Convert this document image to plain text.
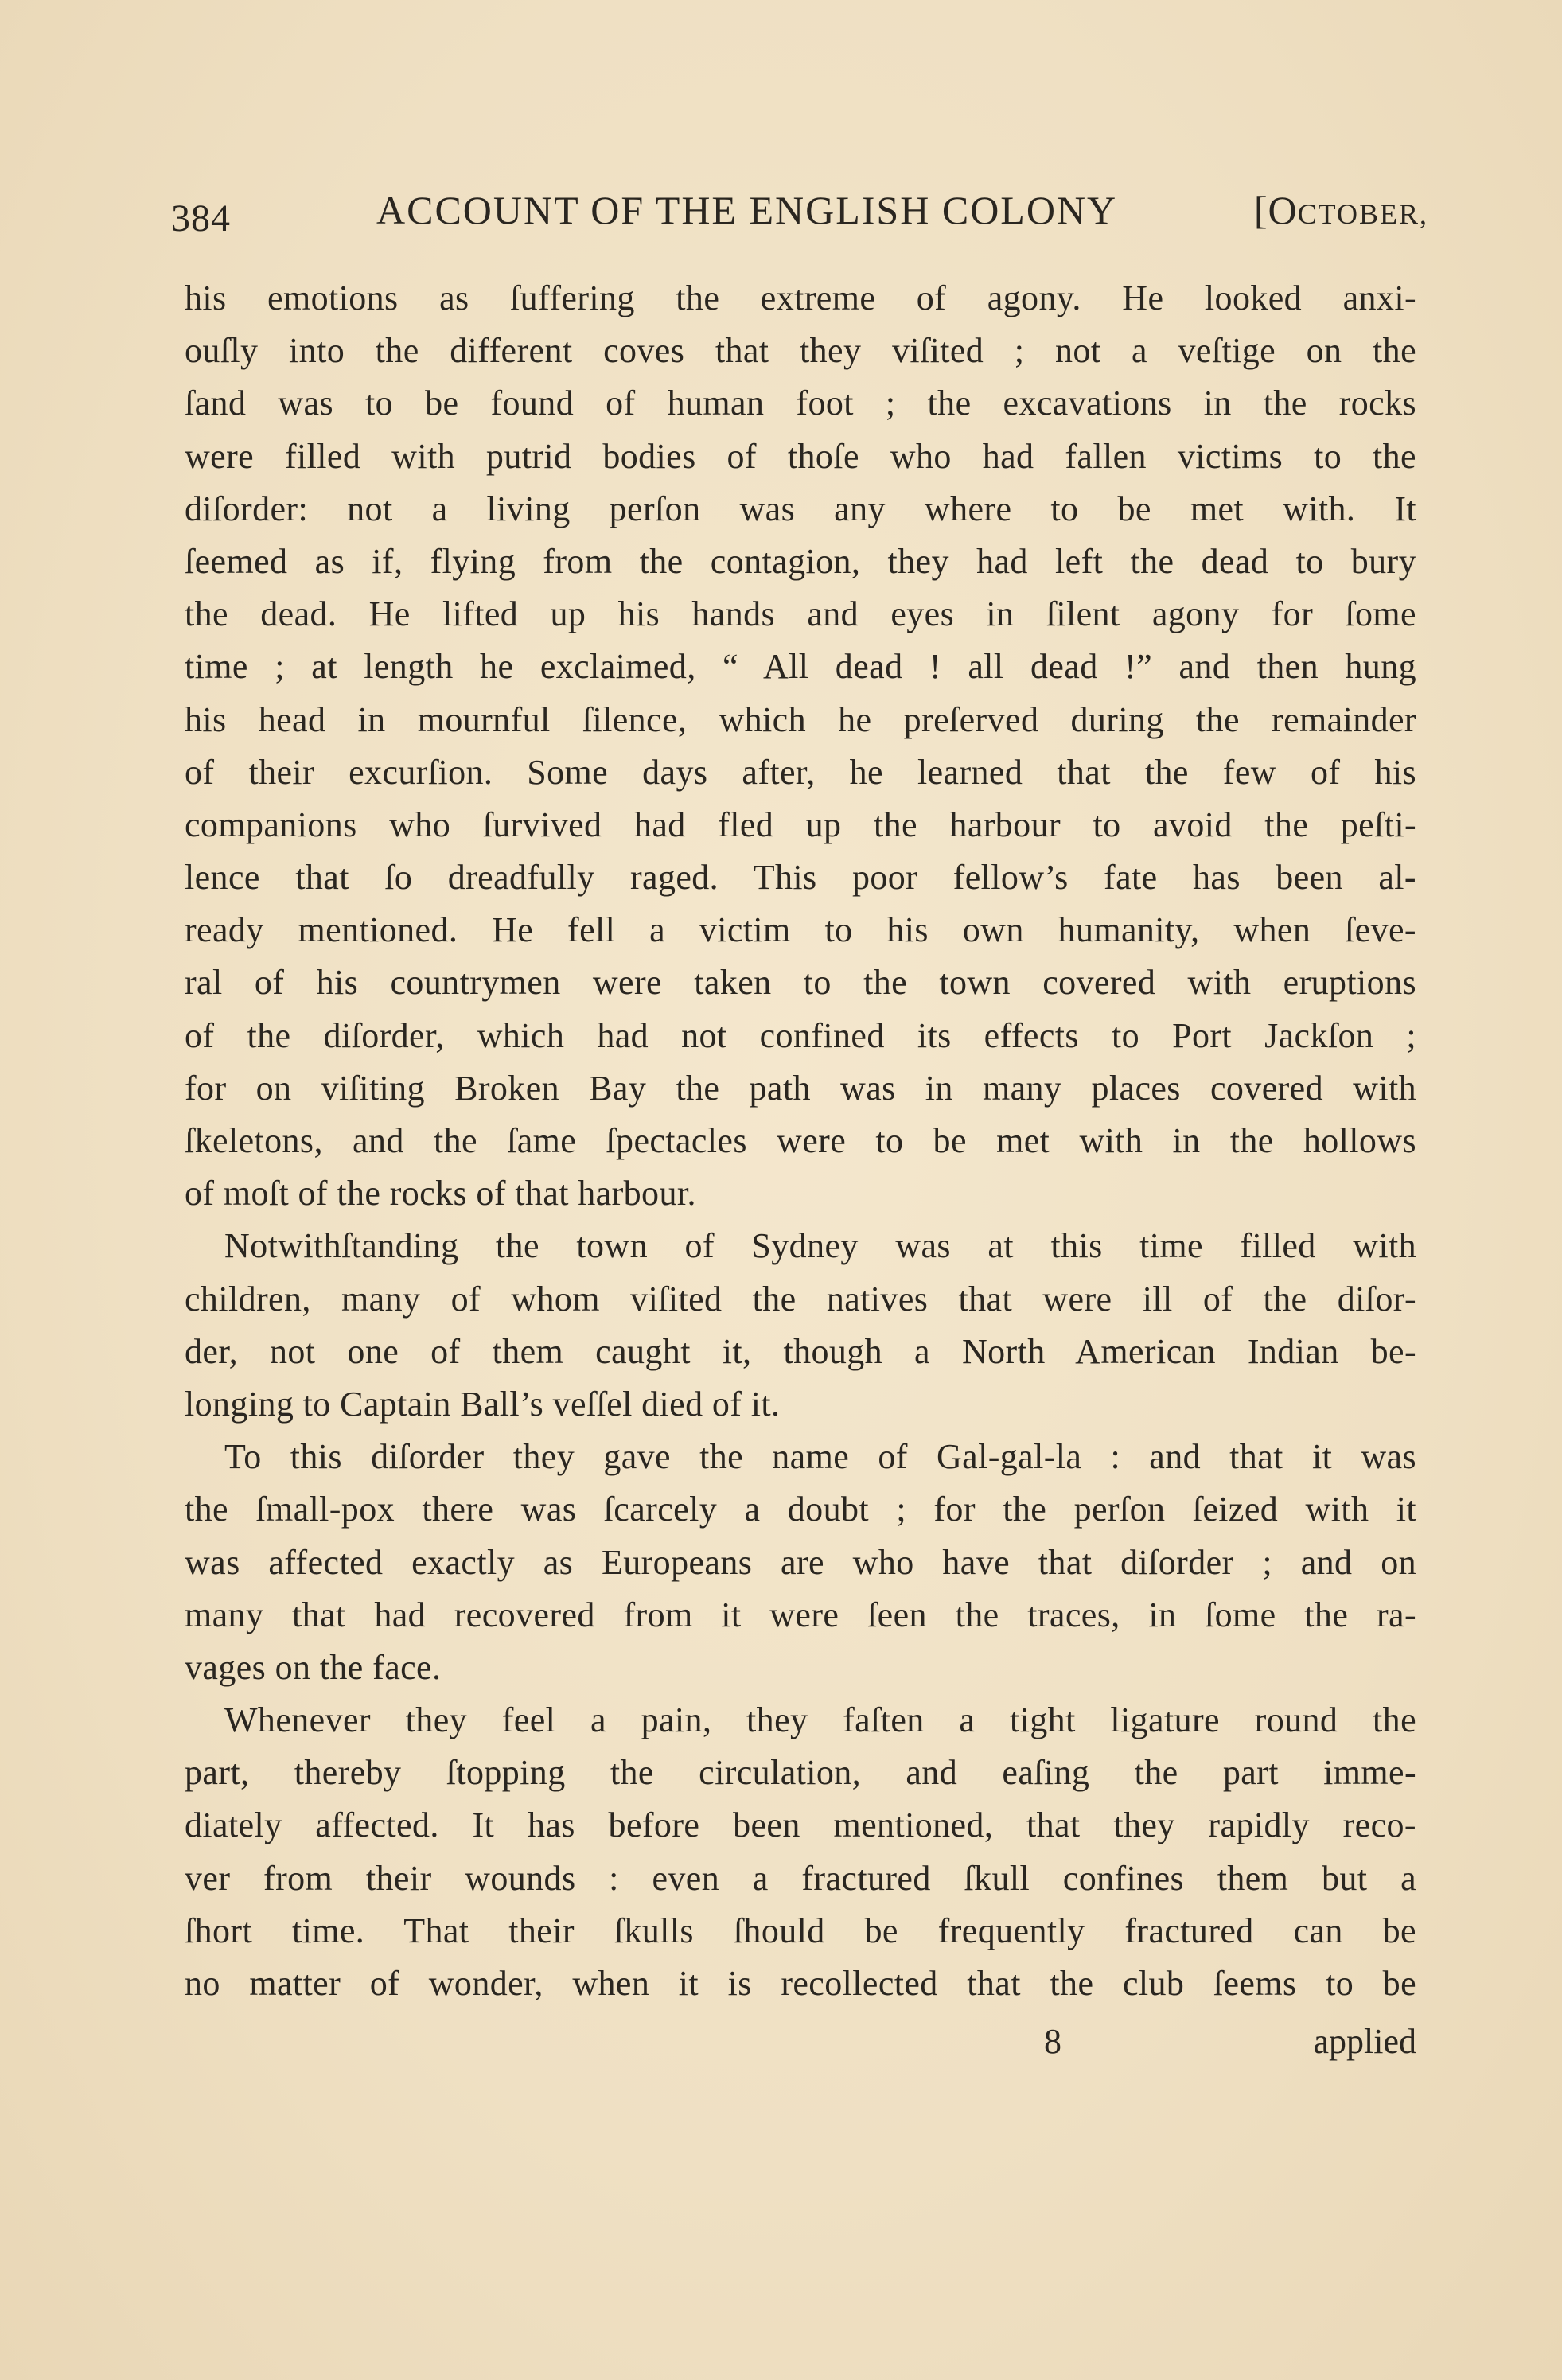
384	ACCOUNT OF THE ENGLISH COLONY	[OCTOBER,
his emotions as ſuffering the extreme of agony. He looked anxi-
ouſly into the different coves that they viſited ; not a veſtige on the
ſand was to be found of human foot ; the excavations in the rocks
were filled with putrid bodies of thoſe who had fallen victims to the
diſorder: not a living perſon was any where to be met with. It
ſeemed as if, flying from the contagion, they had left the dead to bury
the dead. He lifted up his hands and eyes in ſilent agony for ſome
time ; at length he exclaimed, “ All dead ! all dead !” and then hung
his head in mournful ſilence, which he preſerved during the remainder
of their excurſion. Some days after, he learned that the few of his
companions who ſurvived had fled up the harbour to avoid the peſti-
lence that ſo dreadfully raged. This poor fellow’s fate has been al-
ready mentioned. He fell a victim to his own humanity, when ſeve-
ral of his countrymen were taken to the town covered with eruptions
of the diſorder, which had not confined its effects to Port Jackſon ;
for on viſiting Broken Bay the path was in many places covered with
ſkeletons, and the ſame ſpectacles were to be met with in the hollows
of moſt of the rocks of that harbour.
Notwithſtanding the town of Sydney was at this time filled with
children, many of whom viſited the natives that were ill of the diſor-
der, not one of them caught it, though a North American Indian be-
longing to Captain Ball’s veſſel died of it.
To this diſorder they gave the name of Gal-gal-la : and that it was
the ſmall-pox there was ſcarcely a doubt ; for the perſon ſeized with it
was affected exactly as Europeans are who have that diſorder ; and on
many that had recovered from it were ſeen the traces, in ſome the ra-
vages on the face.
Whenever they feel a pain, they faſten a tight ligature round the
part, thereby ſtopping the circulation, and eaſing the part imme-
diately affected. It has before been mentioned, that they rapidly reco-
ver from their wounds : even a fractured ſkull confines them but a
ſhort time. That their ſkulls ſhould be frequently fractured can be
no matter of wonder, when it is recollected that the club ſeems to be
8	applied
